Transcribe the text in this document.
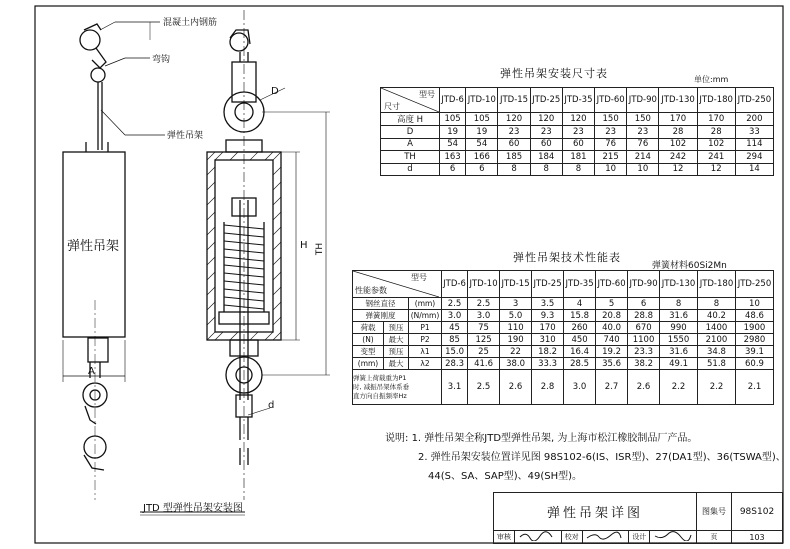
混凝土内钢筋
弯钩
弹性吊架
弹性吊架
A
D
H TH
d
JTD 型弹性吊架安装图
弹性吊架安装尺寸表	单位:mm
型号
尺寸	JTD-6	JTD-10	JTD-15	JTD-25	JTD-35	JTD-60	JTD-90	JTD-130	JTD-180	JTD-250
高度 H	105	105	120	120	120	150	150	170	170	200
D	19	19	23	23	23	23	23	28	28	33
A	54	54	60	60	60	76	76	102	102	114
TH	163	166	185	184	181	215	214	242	241	294
d	6	6	8	8	8	10	10	12	12	14
弹性吊架技术性能表
弹簧材料60Si2Mn
型号
性能参数			JTD-6	JTD-10	JTD-15	JTD-25	JTD-35	JTD-60	JTD-90	JTD-130	JTD-180	JTD-250
钢丝直径		(mm)	2.5	2.5	3	3.5	4	5	6	8	8	10
弹簧刚度		(N/mm)	3.0	3.0	5.0	9.3	15.8	20.8	28.8	31.6	40.2	48.6
荷载	预压	P1	45	75	110	170	260	40.0	670	990	1400	1900
(N)	最大	P2	85	125	190	310	450	740	1100	1550	2100	2980
变型	预压	λ1	15.0	25	22	18.2	16.4	19.2	23.3	31.6	34.8	39.1
(mm)	最大	λ2	28.3	41.6	38.0	33.3	28.5	35.6	38.2	49.1	51.8	60.9

弹簧上荷载重为P1
时, 减振吊架体系垂
直方向自振频率Hz			3.1	2.5	2.6	2.8	3.0	2.7	2.6	2.2	2.2	2.1
说明: 1. 弹性吊架全称JTD型弹性吊架, 为上海市松江橡胶制品厂产品。
2. 弹性吊架安装位置详见图 98S102-6(IS、ISR型)、27(DA1型)、36(TSWA型)、
44(S、SA、SAP型)、49(SH型)。
弹性吊架详图						图集号	98S102
审核		校对		设计		页	103
